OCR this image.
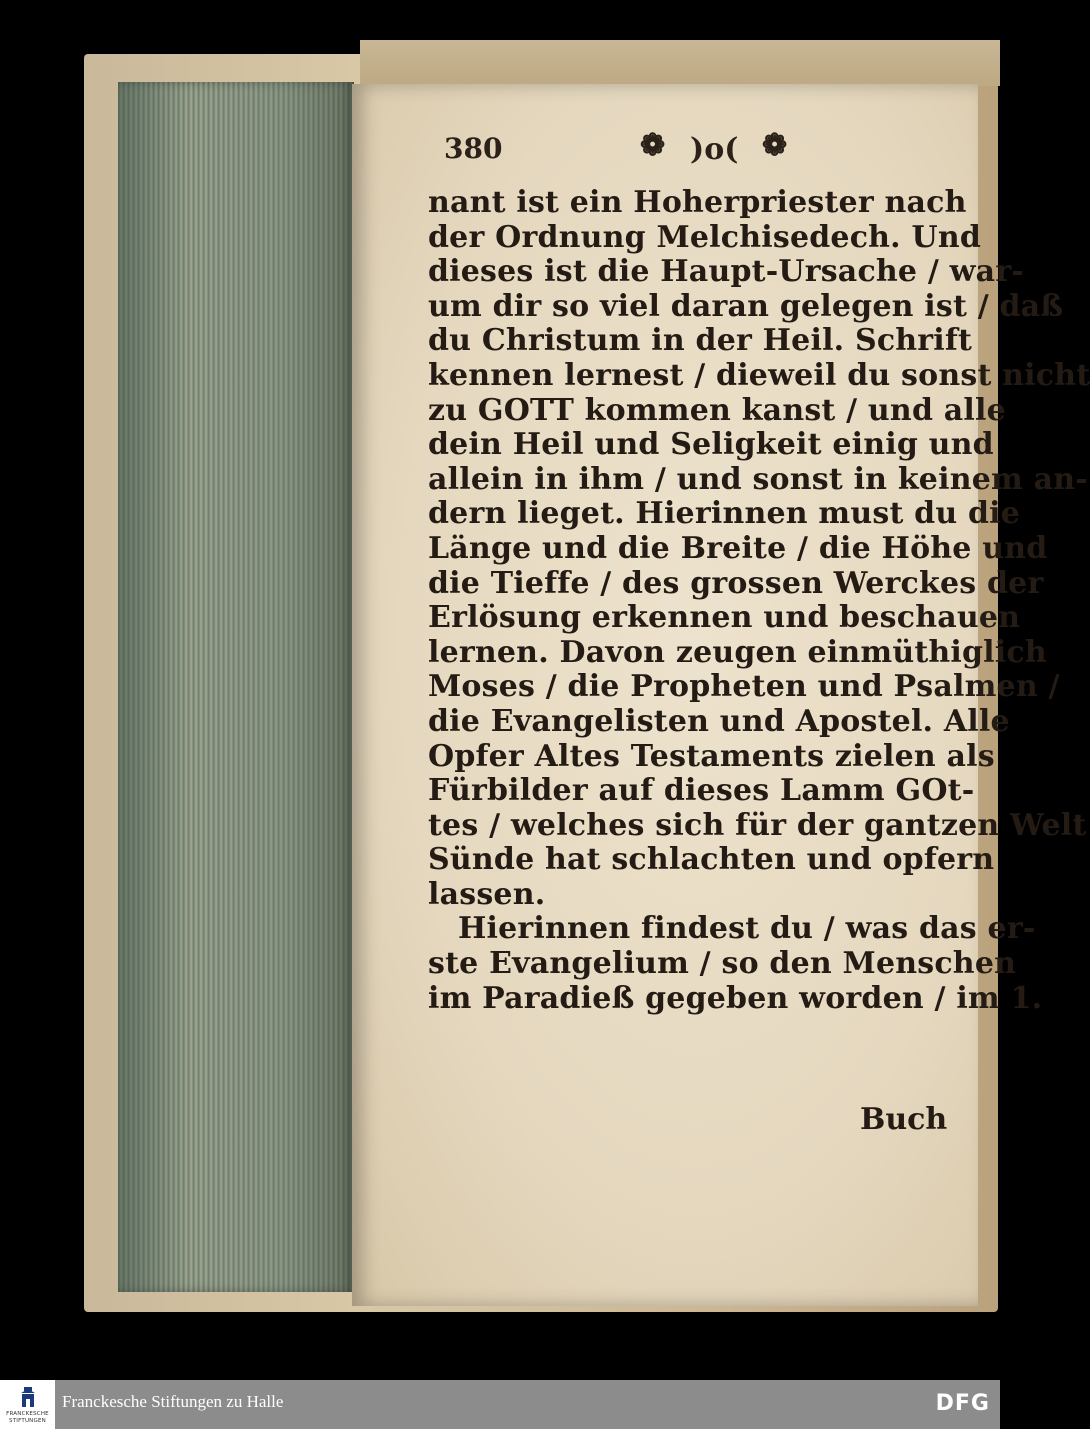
380	❁ )o( ❁
nant ist ein Hoherpriester nach
der Ordnung Melchisedech. Und
dieses ist die Haupt-Ursache / war-
um dir so viel daran gelegen ist / daß
du Christum in der Heil. Schrift
kennen lernest / dieweil du sonst nicht
zu GOTT kommen kanst / und alle
dein Heil und Seligkeit einig und
allein in ihm / und sonst in keinem an-
dern lieget. Hierinnen must du die
Länge und die Breite / die Höhe und
die Tieffe / des grossen Werckes der
Erlösung erkennen und beschauen
lernen. Davon zeugen einmüthiglich
Moses / die Propheten und Psalmen /
die Evangelisten und Apostel. Alle
Opfer Altes Testaments zielen als
Fürbilder auf dieses Lamm GOt-
tes / welches sich für der gantzen Welt
Sünde hat schlachten und opfern
lassen.
Hierinnen findest du / was das er-
ste Evangelium / so den Menschen
im Paradieß gegeben worden / im 1.
Buch
FRANCKESCHE
STIFTUNGEN
Franckesche Stiftungen zu Halle	DFG
